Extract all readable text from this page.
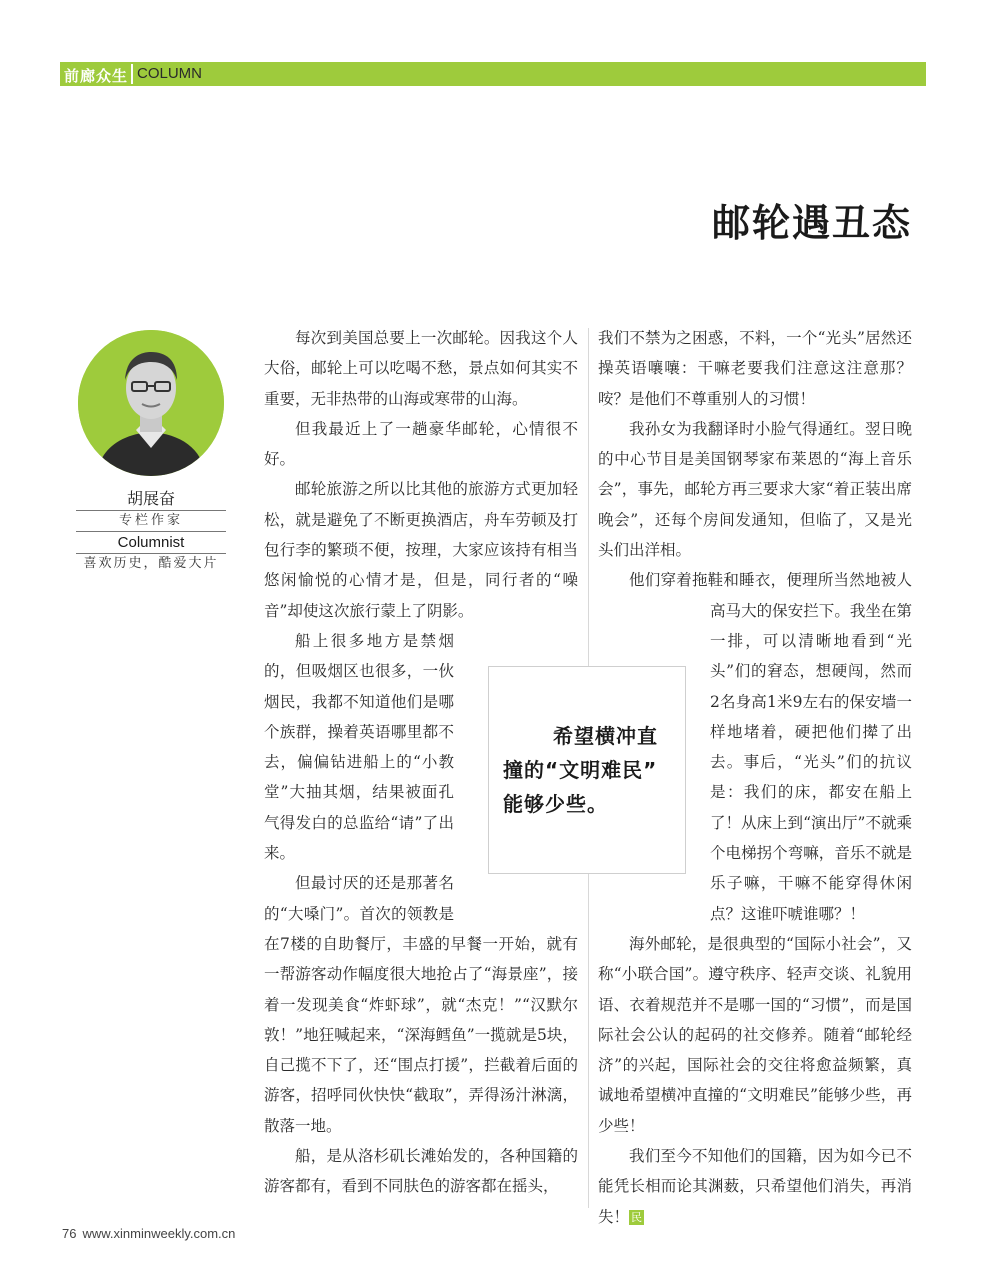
前廊众生 COLUMN
邮轮遇丑态
胡展奋
专栏作家
Columnist
喜欢历史，酷爱大片

每次到美国总要上一次邮轮。因我这个人大俗，邮轮上可以吃喝不愁，景点如何其实不重要，无非热带的山海或寒带的山海。

但我最近上了一趟豪华邮轮，心情很不好。

邮轮旅游之所以比其他的旅游方式更加轻松，就是避免了不断更换酒店，舟车劳顿及打包行李的繁琐不便，按理，大家应该持有相当悠闲愉悦的心情才是，但是，同行者的“噪音”却使这次旅行蒙上了阴影。

船上很多地方是禁烟的，但吸烟区也很多，一伙烟民，我都不知道他们是哪个族群，操着英语哪里都不去，偏偏钻进船上的“小教堂”大抽其烟，结果被面孔气得发白的总监给“请”了出来。

但最讨厌的还是那著名的“大嗓门”。首次的领教是在7楼的自助餐厅，丰盛的早餐一开始，就有一帮游客动作幅度很大地抢占了“海景座”，接着一发现美食“炸虾球”，就“杰克！”“汉默尔敦！”地狂喊起来，“深海鳕鱼”一揽就是5块，自己揽不下了，还“围点打援”，拦截着后面的游客，招呼同伙快快“截取”，弄得汤汁淋漓，散落一地。

船，是从洛杉矶长滩始发的，各种国籍的游客都有，看到不同肤色的游客都在摇头，

我们不禁为之困惑，不料，一个“光头”居然还操英语嚷嚷：干嘛老要我们注意这注意那？咹？是他们不尊重别人的习惯！

我孙女为我翻译时小脸气得通红。翌日晚的中心节目是美国钢琴家布莱恩的“海上音乐会”，事先，邮轮方再三要求大家“着正装出席晚会”，还每个房间发通知，但临了，又是光头们出洋相。

他们穿着拖鞋和睡衣，便理所当然地被人高马大的保安拦下。我坐在第一排，可以清晰地看到“光头”们的窘态，想硬闯，然而2名身高1米9左右的保安墙一样地堵着，硬把他们撵了出去。事后，“光头”们的抗议是：我们的床，都安在船上了！从床上到“演出厅”不就乘个电梯拐个弯嘛，音乐不就是乐子嘛，干嘛不能穿得休闲点？这谁吓唬谁哪？！

海外邮轮，是很典型的“国际小社会”，又称“小联合国”。遵守秩序、轻声交谈、礼貌用语、衣着规范并不是哪一国的“习惯”，而是国际社会公认的起码的社交修养。随着“邮轮经济”的兴起，国际社会的交往将愈益频繁，真诚地希望横冲直撞的“文明难民”能够少些，再少些！

我们至今不知他们的国籍，因为如今已不能凭长相而论其渊薮，只希望他们消失，再消失！ 民

希望横冲直
撞的“文明难民”
能够少些。
76 www.xinminweekly.com.cn
